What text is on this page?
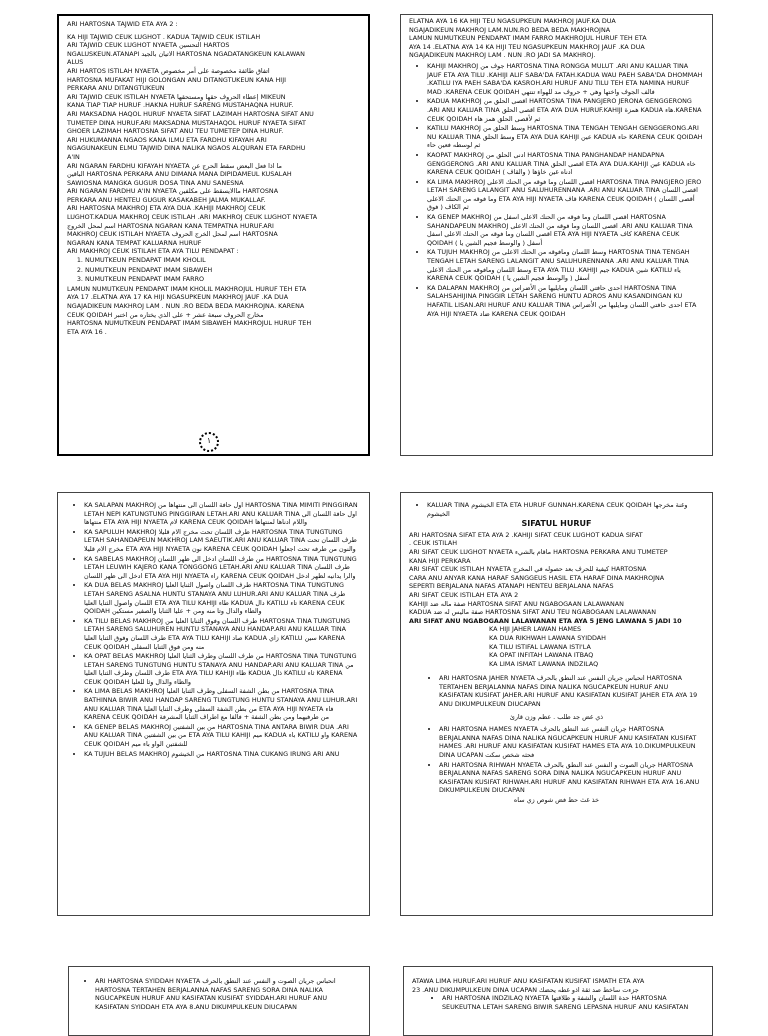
ARI HARTOSNA TAJWID ETA AYA 2 :

KA HIJI TAJWID CEUK LUGHOT . KADUA TAJWID CEUK ISTILAH

ARI TAJWID CEUK LUGHOT NYAETA التحسين HARTOS

NGALUSKEUN.ATANAPI الاتيان بالجيد HARTOSNA NGADATANGKEUN KALAWAN

ALUS

ARI HARTOS ISTILAH NYAETA اتفاق طائفة مخصوصة على أمر مخصوص

HARTOSNA MUFAKAT HIJI GOLONGAN ANU DITANGTUKEUN KANA HIJI

PERKARA ANU DITANGTUKEUN

ARI TAJWID CEUK ISTILAH NYAETA إعطاء الحروف حقها ومستحقها MIKEUN

KANA TIAP TIAP HURUF .HAKNA HURUF SARENG MUSTAHAQNA HURUF.

ARI MAKSADNA HAQOL HURUF NYAETA SIFAT LAZIMAH HARTOSNA SIFAT ANU

TUMETEP DINA HURUF.ARI MAKSADNA MUSTAHAQOL HURUF NYAETA SIFAT

GHOER LAZIMAH HARTOSNA SIFAT ANU TEU TUMETEP DINA HURUF.

ARI HUKUMANNA NGAOS KANA ILMU ETA FARDHU KIFAYAH ARI

NGAGUNAKEUN ELMU TAJWID DINA NALIKA NGAOS ALQURAN ETA FARDHU

A'IN

ARI NGARAN FARDHU KIFAYAH NYAETA ما اذا فعل البعض سقط الحرج عن

الباقين HARTOSNA PERKARA ANU DIMANA MANA DIPIDAMEUL KUSALAH

SAWIOSNA MANGKA GUGUR DOSA TINA ANU SANESNA

ARI NGARAN FARDHU A'IN NYAETA ماالايسقط على مكلفين HARTOSNA

PERKARA ANU HENTEU GUGUR KASAKABEH JALMA MUKALLAF.

ARI HARTOSNA MAKHROJ ETA AYA DUA .KAHIJI MAKHROJ CEUK

LUGHOT.KADUA MAKHROJ CEUK ISTILAH .ARI MAKHROJ CEUK LUGHOT NYAETA

اسم لمحل الخروج HARTOSNA NGARAN KANA TEMPATNA HURUF.ARI

MAKHROJ CEUK ISTILAH NYAETA اسم لمحل الخرج الحروف HARTOSNA

NGARAN KANA TEMPAT KALUARNA HURUF

ARI MAKHROJ CEUK ISTILAH ETA AYA TILU PENDAPAT :

1. NUMUTKEUN PENDAPAT IMAM KHOLIL
2. NUMUTKEUN PENDAPAT IMAM SIBAWEH
3. NUMUTKEUN PENDAPAT IMAM FARRO

LAMUN NUMUTKEUN PENDAPAT IMAM KHOLIL MAKHROJUL HURUF TEH ETA

AYA 17 .ELATNA AYA 17 KA HIJI NGASUPKEUN MAKHROJ JAUF .KA DUA

NGAJADIKEUN MAKHROJ LAM . NUN .RO BEDA BEDA MAKHROJNA. KARENA

CEUK QOIDAH مخارج الحروف سبعة عشر + على الذي يختاره من اختبر

HARTOSNA NUMUTKEUN PENDAPAT IMAM SIBAWEH MAKHROJUL HURUF TEH

ETA AYA 16 .

١

ELATNA AYA 16 KA HIJI TEU NGASUPKEUN MAKHROJ JAUF.KA DUA

NGAJADIKEUN MAKHROJ LAM.NUN.RO BEDA BEDA MAKHROJNA

LAMUN NUMUTKEUN PENDAPAT IMAM FARRO MAKHROJUL HURUF TEH ETA

AYA 14 .ELATNA AYA 14 KA HIJI TEU NGASUPKEUN MAKHROJ JAUF .KA DUA

NGAJADIKEUN MAKHROJ LAM . NUN .RO JADI SA MAKHROJ.

• KAHIJI MAKHROJ جوف من HARTOSNA TINA RONGGA MULUT .ARI ANU KALUAR TINA JAUF ETA AYA TILU .KAHIJI ALIF SABA'DA FATAH.KADUA WAU PAEH SABA'DA DHOMMAH .KATILU IYA PAEH SABA'DA KASROH.ARI HURUF ANU TILU TEH ETA NAMINA HURUF MAD .KARENA CEUK QOIDAH فالف الجوف واختها وهي + حروف مد للهواء تنتهي
• KADUA MAKHROJ اقصى الحلق من HARTOSNA TINA PANGJERO JERONA GENGGERONG .ARI ANU KALUAR TINA اقصى الحلق ETA AYA DUA HURUF.KAHIJI همزة KADUA هاء.KARENA CEUK QOIDAH ثم لأقصى الحلق همز هاء
• KATILU MAKHROJ وسط الحلق من HARTOSNA TINA TENGAH TENGAH GENGGERONG.ARI NU KALUAR TINA وسط الحلق ETA AYA DUA KAHIJI عين KADUA حاء KARENA CEUK QOIDAH ثم لوسطه فعين حاء
• KAOPAT MAKHROJ ادنى الحلق من HARTOSNA TINA PANGHANDAP HANDAPNA GENGGERONG .ARI ANU KALUAR TINA اقصى الحلق ETA AYA DUA.KAHIJI غين KADUA خاء KARENA CEUK QOIDAH ( والقاف ) ادناه غين خاؤها
• KA LIMA MAKHROJ اقصى اللسان وما فوقه من الحنك الاعلى HARTOSNA TINA PANGJERO JERO LETAH SARENG LALANGIT ANU SALUHURENNANA .ARI ANU KALUAR TINA اقصى اللسان وما فوقه من الحنك الاعلى ETA AYA HIJI NYAETA قاف KARENA CEUK QOIDAH ( أقصى اللسان فوق ) ثم الكاف
• KA GENEP MAKHROJ اقصى اللسان وما فوقه من الحنك الاعلى اسفل من HARTOSNA SAHANDAPEUN MAKHROJ اقصى اللسان وما فوقه من الحنك الاعلى .ARI ANU KALUAR TINA اقصى اللسان وما فوقه من الحنك الاعلى اسفل ETA AYA HIJI NYAETA كاف KARENA CEUK QOIDAH أسفل ( والوسط فجيم الشين يا )
• KA TUJUH MAKHROJ وسط اللسان ومافوقه من الحنك الاعلى من HARTOSNA TINA TENGAH TENGAH LETAH SARENG LALANGIT ANU SALUHURENNANA .ARI ANU KALUAR TINA وسط اللسان ومافوقه من الحنك الاعلى ETA AYA TILU .KAHIJI جيم KADUA شين KATILU ياء KARENA CEUK QOIDAH أسفل ( والوسط فجيم الشين يا )
• KA DALAPAN MAKHROJ احدى حافتي اللسان ومايليها من الأضراس من HARTOSNA TINA SALAHSAHIJINA PINGGIR LETAH SARENG HUNTU ADROS ANU KASANDINGAN KU HAFATIL LISAN.ARI HURUF ANU KALUAR TINA احدى حافتي اللسان ومايليها من الأضراس ETA AYA HIJI NYAETA ضاد KARENA CEUK QOIDAH
• KA SALAPAN MAKHROJ اول حافة اللسان الى منتهاها من HARTOSNA TINA MIMITI PINGGIRAN LETAH NEPI KATUNGTUNG PINGGIRAN LETAH.ARI ANU KALUAR TINA اول حافة اللسان الى منتهاها ETA AYA HIJI NYAETA لام KARENA CEUK QOIDAH واللام ادناها لمنتهاها
• KA SAPULUH MAKHROJ طرف اللسان تحت مخرج الام قليلا HARTOSNA TINA TUNGTUNG LETAH SAHANDAPEUN MAKHROJ LAM SAEUTIK.ARI ANU KALUAR TINA طرف اللسان تحت مخرج الام قليلا ETA AYA HIJI NYAETA نون KARENA CEUK QOIDAH والنون من طرفه تحت اجعلوا
• KA SABELAS MAKHROJ من طرف اللسان ادخل الى ظهر اللسان HARTOSNA TINA TUNGTUNG LETAH LEUWIH KAJERO KANA TONGGONG LETAH.ARI ANU KALUAR TINA طرف اللسان ادخل الى ظهر اللسان ETA AYA HIJI NYAETA راء KARENA CEUK QOIDAH والرا يدانيه لظهر ادخل
• KA DUA BELAS MAKHROJ طرف اللسان واصول الثنايا العليا HARTOSNA TINA TUNGTUNG LETAH SARENG ASALNA HUNTU STANAYA ANU LUHUR.ARI ANU KALUAR TINA طرف اللسان واصول الثنايا العليا ETA AYA TILU KAHIJI طاء KADUA دال KATILU تاء KARENA CEUK QOIDAH والطاء والدال وتا منه ومن + عليا الثنايا والصفير مستكين
• KA TILU BELAS MAKHROJ طرف اللسان وفوق الثنايا العليا من HARTOSNA TINA TUNGTUNG LETAH SARENG SALUHUREN HUNTU STANAYA ANU HANDAP.ARI ANU KALUAR TINA طرف اللسان وفوق الثنايا العليا ETA AYA TILU KAHIJI صاد KADUA زاي KATILU سين KARENA CEUK QOIDAH منه ومن فوق الثنايا السفلى
• KA OPAT BELAS MAKHROJ من طرف اللسان وطرف الثنايا العليا HARTOSNA TINA TUNGTUNG LETAH SARENG TUNGTUNG HUNTU STANAYA ANU HANDAP.ARI ANU KALUAR TINA من طرف اللسان وطرف الثنايا العليا ETA AYA TILU KAHIJI ظاء KADUA ذال KATILU ثاء KARENA CEUK QOIDAH والظاء والذال وثا للعليا
• KA LIMA BELAS MAKHROJ من بطن الشفة السفلى وطرف الثنايا العليا HARTOSNA TINA BATHINNA BIWIR ANU HANDAP SARENG TUNGTUNG HUNTU STANAYA ANU LUHUR.ARI ANU KALUAR TINA من بطن الشفة السفلى وطرف الثنايا العليا ETA AYA HIJI NYAETA فاء KARENA CEUK QOIDAH من طرفيهما ومن بطن الشفة + فالفا مع اطراف الثنايا المشرفة
• KA GENEP BELAS MAKHROJ من بين الشفتين HARTOSNA TINA ANTARA BIWIR DUA .ARI ANU KALUAR TINA من بين الشفتين ETA AYA TILU KAHIJI ميم KADUA باء KATILU واو KARENA CEUK QOIDAH للشفتين الواو باء ميم
• KA TUJUH BELAS MAKHROJ من الخيشوم HARTOSNA TINA CUKANG IRUNG ARI ANU
• KALUAR TINA الخيشوم ETA ETA HURUF GUNNAH.KARENA CEUK QOIDAH وغنة مخرجها الخيشوم
SIFATUL HURUF

ARI HARTOSNA SIFAT ETA AYA 2 .KAHIJI SIFAT CEUK LUGHOT KADUA SIFAT

. CEUK ISTILAH

ARI SIFAT CEUK LUGHOT NYAETA ماقام بالشيء HARTOSNA PERKARA ANU TUMETEP

KANA HIJI PERKARA

ARI SIFAT CEUK ISTILAH NYAETA كيفية للحرف بعد حصوله في المخرج HARTOSNA

CARA ANU ANYAR KANA HARAF SANGGEUS HASIL ETA HARAF DINA MAKHROJNA

SEPERTI BERJALANA NAFAS ATANAPI HENTEU BERJALANA NAFAS

ARI SIFAT CEUK ISTILAH ETA AYA 2

KAHIJI صفة ماله ضد HARTOSNA SIFAT ANU NGABOGAAN LALAWANAN

KADUA صفة ماليس له ضد HARTOSNA SIFAT ANU TEU NGABOGAAN LALAWANAN

ARI SIFAT ANU NGABOGAAN LALAWANAN ETA AYA 5 JENG LAWANA 5 JADI 10

KA HIJI JAHER LAWAN HAMES

KA DUA RIKHWAH LAWANA SYIDDAH

KA TILU ISTIFAL LAWANA ISTI'LA

KA OPAT INFITAH LAWANA ITBAQ

KA LIMA ISMAT LAWANA INDZILAQ

• ARI HARTOSNA JAHER NYAETA انحباس جريان النفس عند النطق بالحرف HARTOSNA TERTAHEN BERJALANNA NAFAS DINA NALIKA NGUCAPKEUN HURUF ANU KASIFATAN KUSIFAT JAHER.ARI HURUF ANU KASIFATAN KUSIFAT JAHER ETA AYA 19 ANU DIKUMPULKEUN DIUCAPAN

ذي غض جد طلب . عظم وزن قارئ

• ARI HARTOSNA HAMES NYAETA جريان النفس عند النطق بالحرف HARTOSNA BERJALANNA NAFAS DINA NALIKA NGUCAPKEUN HURUF ANU KASIFATAN KUSIFAT HAMES .ARI HURUF ANU KASIFATAN KUSIFAT HAMES ETA AYA 10.DIKUMPULKEUN DINA UCAPAN فحثه شخص سكت
• ARI HARTOSNA RIHWAH NYAETA جريان الصوت و النفس عند النطق بالحرف HARTOSNA BERJALANNA NAFAS SARENG SORA DINA NALIKA NGUCAPKEUN HURUF ANU KASIFATAN KUSIFAT RIHWAH.ARI HURUF ANU KASIFATAN RIHWAH ETA AYA 16.ANU DIKUMPULKEUN DIUCAPAN

خذ غث حظ فض شوص زي ساه

• ARI HARTOSNA SYIDDAH NYAETA انحباس جريان الصوت و النفس عند النطق بالحرف HARTOSNA TERTAHEN BERJALANNA NAFAS SARENG SORA DINA NALIKA NGUCAPKEUN HURUF ANU KASIFATAN KUSIFAT SYIDDAH.ARI HURUF ANU KASIFATAN SYIDDAH ETA AYA 8.ANU DIKUMPULKEUN DIUCAPAN

ATAWA LIMA HURUF.ARI HURUF ANU KASIFATAN KUSIFAT ISMATH ETA AYA

23 .ANU DIKUMPULKEUN DINA UCAPAN جزءت ساخط صد ثقة اذو غطه يحضك

• ARI HARTOSNA INDZILAQ NYAETA حدة اللسان والشفة و طلاقتها HARTOSNA SEUKEUTNA LETAH SARENG BIWIR SARENG LEPASNA HURUF ANU KASIFATAN
